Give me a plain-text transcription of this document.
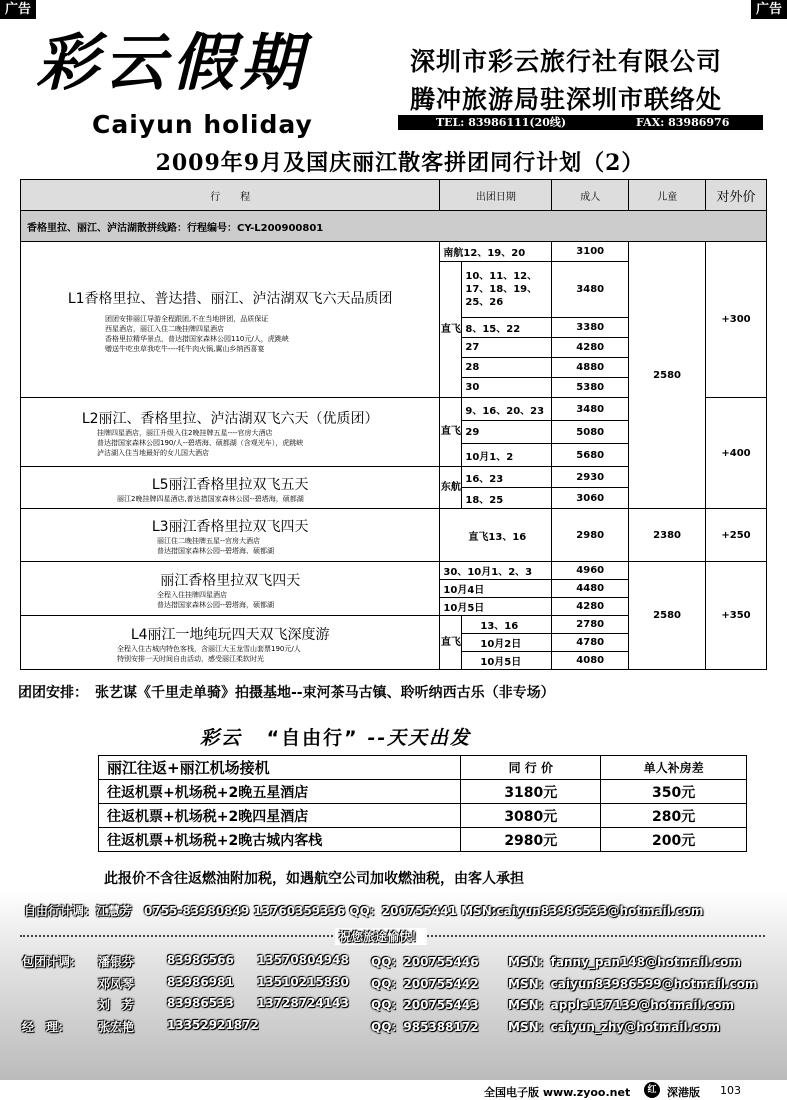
广告	广告
彩云假期
Caiyun holiday
深圳市彩云旅行社有限公司
腾冲旅游局驻深圳市联络处
TEL: 83986111(20线)	FAX: 83986976
2009年9月及国庆丽江散客拼团同行计划（2）
行　　程	出团日期		成人	儿童	对外价
香格里拉、丽江、泸沽湖散拼线路：行程编号：CY-L200900801					

L1香格里拉、普达措、丽江、泸沽湖双飞六天品质团
团团安排丽江导游全程跟团,不在当地拼团，品质保证
西星酒店，丽江入住二晚挂牌四星酒店
香格里拉精华景点，普达措国家森林公园110元/人，虎跳峡
赠送牛吃虫草我吃牛----牦牛肉火锅,翼山乡纳西喜宴	南航12、19、20		3100	2580	+300
	直飞	10、11、12、17、18、19、25、26	3480		
		8、15、22	3380		
		27	4280		
		28	4880		
		30	5380		

L2丽江、香格里拉、泸沽湖双飞六天（优质团）
挂牌四星酒店，丽江升级入住2晚挂牌五星----官房大酒店
普达措国家森林公园190/人--碧塔海、硕都湖（含观光车），虎跳峡
泸沽湖入住当地最好的女儿国大酒店	直飞	9、16、20、23	3480		+400
		29	5080		
		10月1、2	5680		

L5丽江香格里拉双飞五天
丽江2晚挂牌四星酒店,普达措国家森林公园--碧塔海，硕都湖	东航	16、23	2930		
		18、25	3060		

L3丽江香格里拉双飞四天
丽江住二晚挂牌五星--官房大酒店
普达措国家森林公园--碧塔海、硕都湖	直飞13、16		2980	2380	+250

丽江香格里拉双飞四天
全程入住挂牌四星酒店
普达措国家森林公园--碧塔海，硕都湖	30、10月1、2、3		4960	2580	+350
	10月4日		4480		
	10月5日		4280		

L4丽江一地纯玩四天双飞深度游
全程入住古城内特色客栈，含丽江大玉龙雪山套票190元/人
特别安排一天时间自由活动，感受丽江柔软时光	直飞	13、16	2780		
		10月2日	4780		
		10月5日	4080		
团团安排：　张艺谋《千里走单骑》拍摄基地--束河茶马古镇、聆听纳西古乐（非专场）
彩云 “自由行” --天天出发
丽江往返+丽江机场接机	同 行 价	单人补房差
往返机票+机场税+2晚五星酒店	3180元	350元
往返机票+机场税+2晚四星酒店	3080元	280元
往返机票+机场税+2晚古城内客栈	2980元	200元
此报价不含往返燃油附加税，如遇航空公司加收燃油税，由客人承担
自由行计调：江慧芳　0755-83980849 13760359336 QQ：200755441 MSN:caiyun83986533@hotmail.com
祝您旅途愉快！
包团计调： 潘银芬	83986566 13570804948 QQ：200755446 MSN：fanny_pan148@hotmail.com
邓凤琴	83986981 13510215880 QQ：200755442 MSN：caiyun83986599@hotmail.com
刘　芳	83986533 13728724143 QQ：200755443 MSN：apple137139@hotmail.com
经　理： 张宏艳	13352921872	QQ：985388172 MSN：caiyun_zhy@hotmail.com
全国电子版 www.zyoo.net	红 深港版 103
